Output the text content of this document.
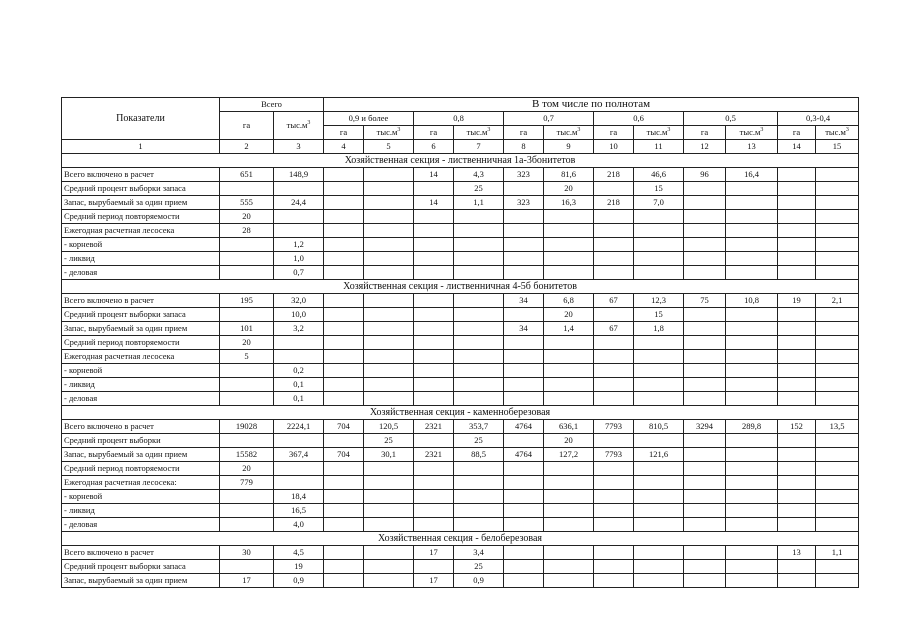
Показатели	Всего		В том числе по полнотам											
	га	$тыс.м^3$	0,9 и более		0,8		0,7		0,6		0,5		0,3-0,4	
			га	$тыс.м^3$	га	$тыс.м^3$	га	$тыс.м^3$	га	$тыс.м^3$	га	$тыс.м^3$	га	$тыс.м^3$
1	2	3	4	5	6	7	8	9	10	11	12	13	14	15
Хозяйственная секция - лиственничная 1а-3бонитетов														
Всего включено в расчет	651	148,9			14	4,3	323	81,6	218	46,6	96	16,4		
Средний процент выборки запаса						25		20		15				
Запас, вырубаемый за один прием	555	24,4			14	1,1	323	16,3	218	7,0				
Средний период повторяемости	20													
Ежегодная расчетная лесосека	28													
- корневой		1,2												
- ликвид		1,0												
- деловая		0,7												
Хозяйственная секция - лиственничная 4-5б бонитетов														
Всего включено в расчет	195	32,0					34	6,8	67	12,3	75	10,8	19	2,1
Средний процент выборки запаса		10,0						20		15				
Запас, вырубаемый за один прием	101	3,2					34	1,4	67	1,8				
Средний период повторяемости	20													
Ежегодная расчетная лесосека	5													
- корневой		0,2												
- ликвид		0,1												
- деловая		0,1												
Хозяйственная секция - каменноберезовая														
Всего включено в расчет	19028	2224,1	704	120,5	2321	353,7	4764	636,1	7793	810,5	3294	289,8	152	13,5
Средний процент выборки				25		25		20						
Запас, вырубаемый за один прием	15582	367,4	704	30,1	2321	88,5	4764	127,2	7793	121,6				
Средний период повторяемости	20													
Ежегодная расчетная лесосека:	779													
- корневой		18,4												
- ликвид		16,5												
- деловая		4,0												
Хозяйственная секция - белоберезовая														
Всего включено в расчет	30	4,5			17	3,4							13	1,1
Средний процент выборки запаса		19				25								
Запас, вырубаемый за один прием	17	0,9			17	0,9								
